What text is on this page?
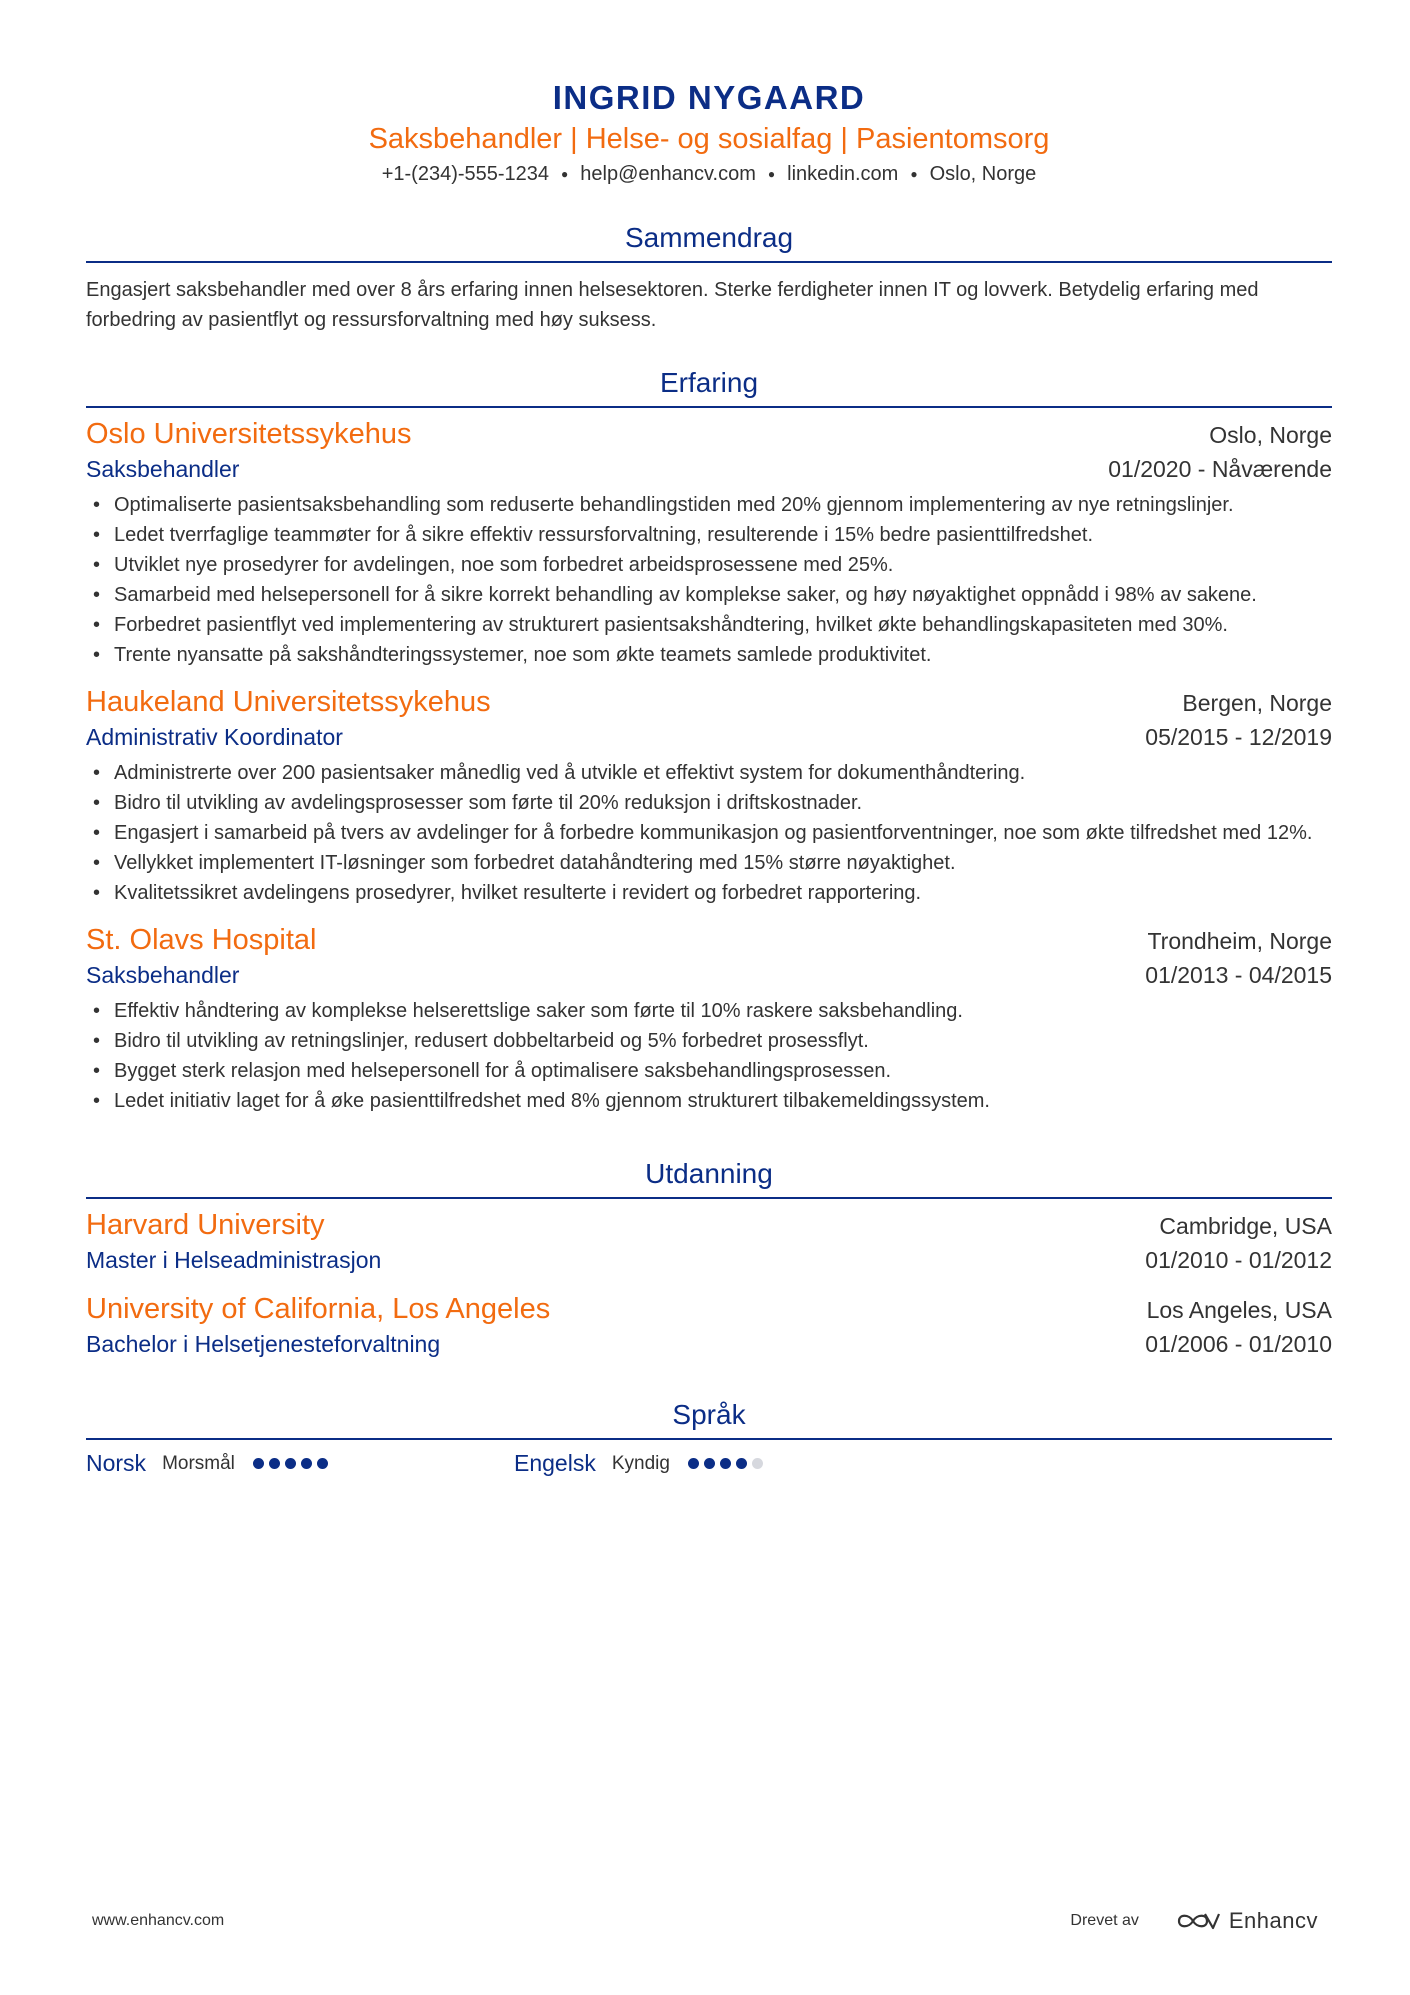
INGRID NYGAARD
Saksbehandler | Helse- og sosialfag | Pasientomsorg
+1-(234)-555-1234 ● help@enhancv.com ● linkedin.com ● Oslo, Norge
Sammendrag
Engasjert saksbehandler med over 8 års erfaring innen helsesektoren. Sterke ferdigheter innen IT og lovverk. Betydelig erfaring med forbedring av pasientflyt og ressursforvaltning med høy suksess.
Erfaring
Oslo Universitetssykehus	Oslo, Norge
Saksbehandler	01/2020 - Nåværende
• Optimaliserte pasientsaksbehandling som reduserte behandlingstiden med 20% gjennom implementering av nye retningslinjer.
• Ledet tverrfaglige teammøter for å sikre effektiv ressursforvaltning, resulterende i 15% bedre pasienttilfredshet.
• Utviklet nye prosedyrer for avdelingen, noe som forbedret arbeidsprosessene med 25%.
• Samarbeid med helsepersonell for å sikre korrekt behandling av komplekse saker, og høy nøyaktighet oppnådd i 98% av sakene.
• Forbedret pasientflyt ved implementering av strukturert pasientsakshåndtering, hvilket økte behandlingskapasiteten med 30%.
• Trente nyansatte på sakshåndteringssystemer, noe som økte teamets samlede produktivitet.
Haukeland Universitetssykehus	Bergen, Norge
Administrativ Koordinator	05/2015 - 12/2019
• Administrerte over 200 pasientsaker månedlig ved å utvikle et effektivt system for dokumenthåndtering.
• Bidro til utvikling av avdelingsprosesser som førte til 20% reduksjon i driftskostnader.
• Engasjert i samarbeid på tvers av avdelinger for å forbedre kommunikasjon og pasientforventninger, noe som økte tilfredshet med 12%.
• Vellykket implementert IT-løsninger som forbedret datahåndtering med 15% større nøyaktighet.
• Kvalitetssikret avdelingens prosedyrer, hvilket resulterte i revidert og forbedret rapportering.
St. Olavs Hospital	Trondheim, Norge
Saksbehandler	01/2013 - 04/2015
• Effektiv håndtering av komplekse helserettslige saker som førte til 10% raskere saksbehandling.
• Bidro til utvikling av retningslinjer, redusert dobbeltarbeid og 5% forbedret prosessflyt.
• Bygget sterk relasjon med helsepersonell for å optimalisere saksbehandlingsprosessen.
• Ledet initiativ laget for å øke pasienttilfredshet med 8% gjennom strukturert tilbakemeldingssystem.
Utdanning
Harvard University	Cambridge, USA
Master i Helseadministrasjon	01/2010 - 01/2012
University of California, Los Angeles	Los Angeles, USA
Bachelor i Helsetjenesteforvaltning	01/2006 - 01/2010
Språk
Norsk Morsmål	Engelsk Kyndig
www.enhancv.com	Drevet av	Enhancv
